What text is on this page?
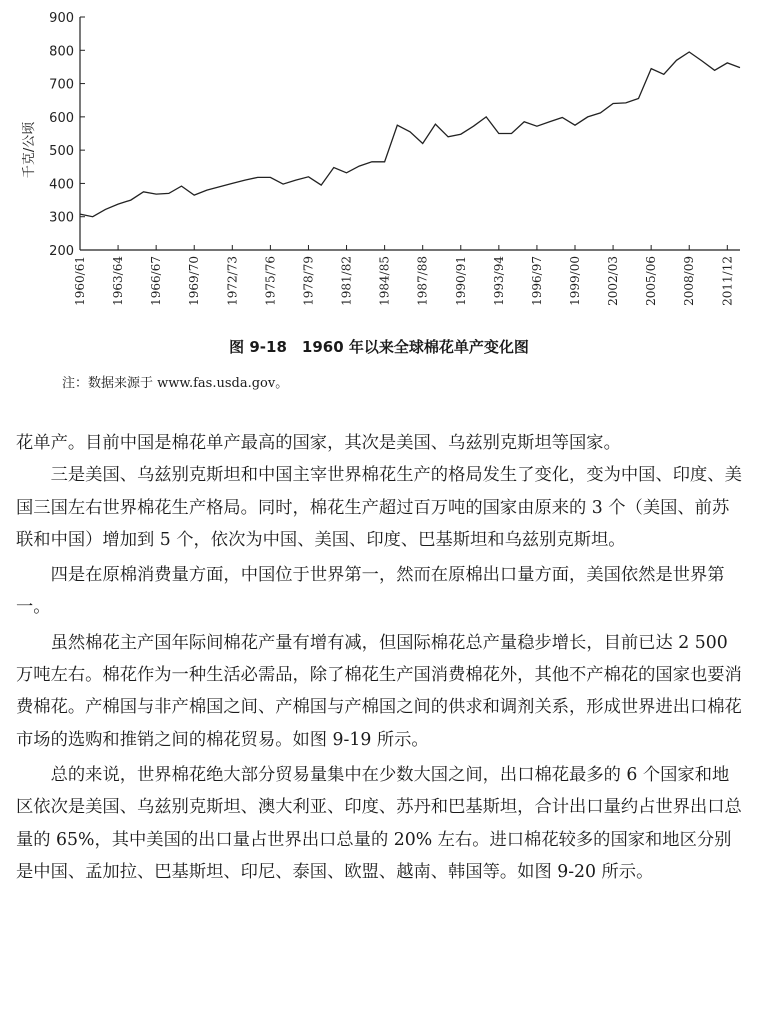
200
300
400
500
600
700
800
900
1960/61 1963/64 1966/67 1969/70 1972/73 1975/76 1978/79 1981/82 1984/85 1987/88 1990/91 1993/94 1996/97 1999/00 2002/03 2005/06 2008/09 2011/12
千克/公顷
图 9-18　1960 年以来全球棉花单产变化图
注：数据来源于 www.fas.usda.gov。

花单产。目前中国是棉花单产最高的国家，其次是美国、乌兹别克斯坦等国家。

三是美国、乌兹别克斯坦和中国主宰世界棉花生产的格局发生了变化，变为中国、印度、美国三国左右世界棉花生产格局。同时，棉花生产超过百万吨的国家由原来的 3 个（美国、前苏联和中国）增加到 5 个，依次为中国、美国、印度、巴基斯坦和乌兹别克斯坦。

四是在原棉消费量方面，中国位于世界第一，然而在原棉出口量方面，美国依然是世界第一。

虽然棉花主产国年际间棉花产量有增有减，但国际棉花总产量稳步增长，目前已达 2 500 万吨左右。棉花作为一种生活必需品，除了棉花生产国消费棉花外，其他不产棉花的国家也要消费棉花。产棉国与非产棉国之间、产棉国与产棉国之间的供求和调剂关系，形成世界进出口棉花市场的选购和推销之间的棉花贸易。如图 9-19 所示。

总的来说，世界棉花绝大部分贸易量集中在少数大国之间，出口棉花最多的 6 个国家和地区依次是美国、乌兹别克斯坦、澳大利亚、印度、苏丹和巴基斯坦，合计出口量约占世界出口总量的 65%，其中美国的出口量占世界出口总量的 20% 左右。进口棉花较多的国家和地区分别是中国、孟加拉、巴基斯坦、印尼、泰国、欧盟、越南、韩国等。如图 9-20 所示。
